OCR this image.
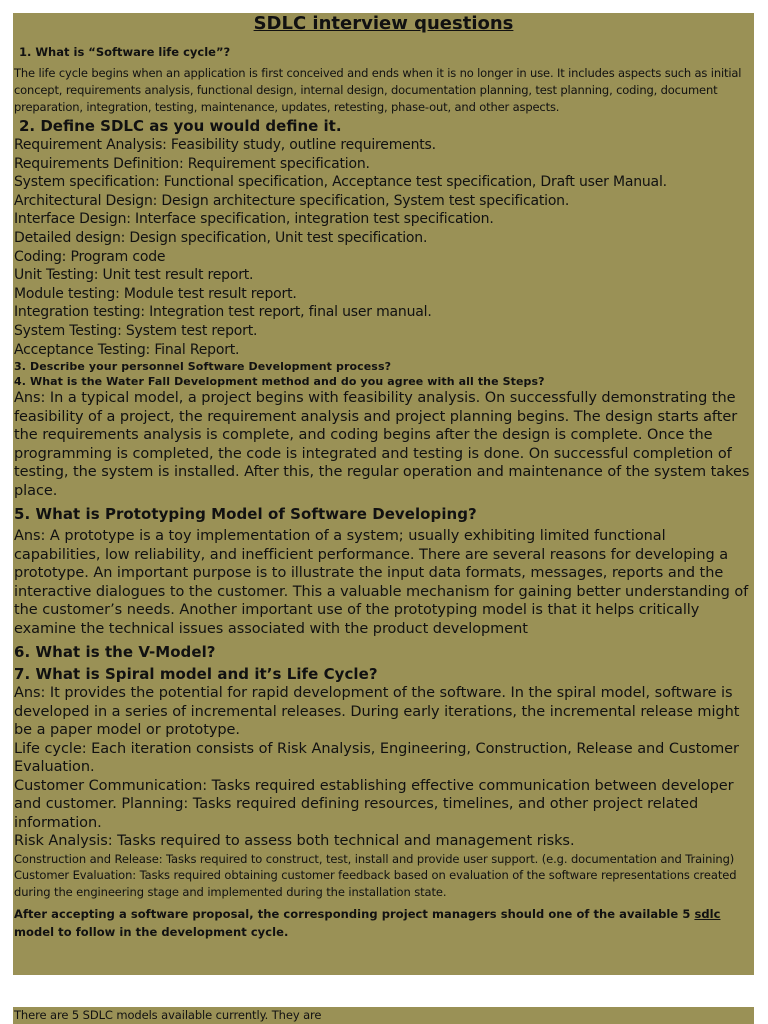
SDLC interview questions

1. What is “Software life cycle”?

The life cycle begins when an application is first conceived and ends when it is no longer in use. It includes aspects such as initial concept, requirements analysis, functional design, internal design, documentation planning, test planning, coding, document preparation, integration, testing, maintenance, updates, retesting, phase-out, and other aspects.

2. Define SDLC as you would define it.

Requirement Analysis: Feasibility study, outline requirements.

Requirements Definition: Requirement specification.

System specification: Functional specification, Acceptance test specification, Draft user Manual.

Architectural Design: Design architecture specification, System test specification.

Interface Design: Interface specification, integration test specification.

Detailed design: Design specification, Unit test specification.

Coding: Program code

Unit Testing: Unit test result report.

Module testing: Module test result report.

Integration testing: Integration test report, final user manual.

System Testing: System test report.

Acceptance Testing: Final Report.

3. Describe your personnel Software Development process?

4. What is the Water Fall Development method and do you agree with all the Steps?

Ans: In a typical model, a project begins with feasibility analysis. On successfully demonstrating the feasibility of a project, the requirement analysis and project planning begins. The design starts after the requirements analysis is complete, and coding begins after the design is complete. Once the programming is completed, the code is integrated and testing is done. On successful completion of testing, the system is installed. After this, the regular operation and maintenance of the system takes place.

5. What is Prototyping Model of Software Developing?

Ans: A prototype is a toy implementation of a system; usually exhibiting limited functional capabilities, low reliability, and inefficient performance. There are several reasons for developing a prototype. An important purpose is to illustrate the input data formats, messages, reports and the interactive dialogues to the customer. This a valuable mechanism for gaining better understanding of the customer’s needs. Another important use of the prototyping model is that it helps critically examine the technical issues associated with the product development

6. What is the V-Model?

7. What is Spiral model and it’s Life Cycle?

Ans: It provides the potential for rapid development of the software. In the spiral model, software is developed in a series of incremental releases. During early iterations, the incremental release might be a paper model or prototype.

Life cycle: Each iteration consists of Risk Analysis, Engineering, Construction, Release and Customer Evaluation.

Customer Communication: Tasks required establishing effective communication between developer and customer. Planning: Tasks required defining resources, timelines, and other project related information.

Risk Analysis: Tasks required to assess both technical and management risks.

Construction and Release: Tasks required to construct, test, install and provide user support. (e.g. documentation and Training)

Customer Evaluation: Tasks required obtaining customer feedback based on evaluation of the software representations created during the engineering stage and implemented during the installation state.

After accepting a software proposal, the corresponding project managers should one of the available 5 sdlc model to follow in the development cycle.

There are 5 SDLC models available currently. They are
